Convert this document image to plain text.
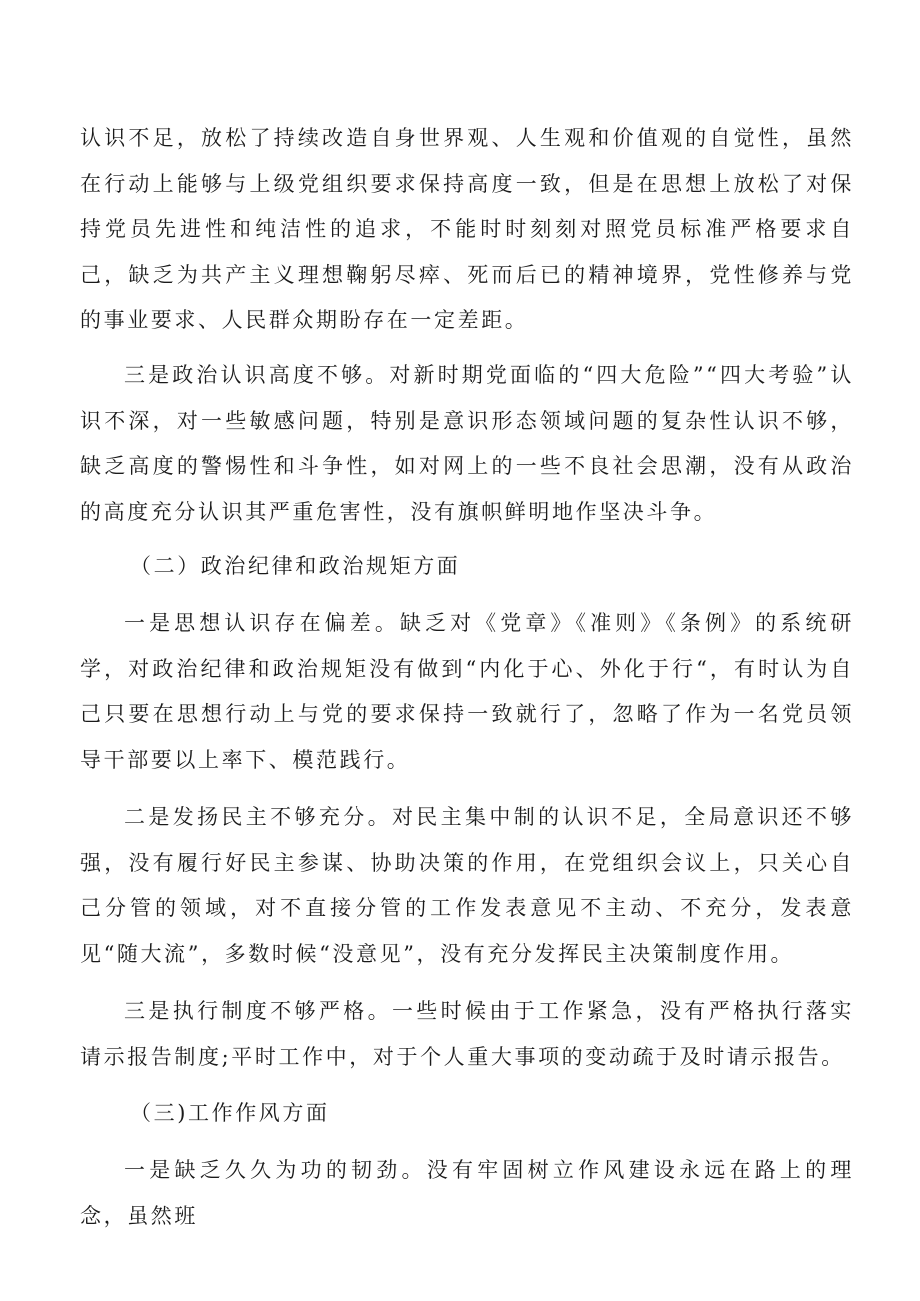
认识不足，放松了持续改造自身世界观、人生观和价值观的自觉性，虽然在行动上能够与上级党组织要求保持高度一致，但是在思想上放松了对保持党员先进性和纯洁性的追求，不能时时刻刻对照党员标准严格要求自己，缺乏为共产主义理想鞠躬尽瘁、死而后已的精神境界，党性修养与党的事业要求、人民群众期盼存在一定差距。

三是政治认识高度不够。对新时期党面临的“四大危险”“四大考验”认识不深，对一些敏感问题，特别是意识形态领域问题的复杂性认识不够，缺乏高度的警惕性和斗争性，如对网上的一些不良社会思潮，没有从政治的高度充分认识其严重危害性，没有旗帜鲜明地作坚决斗争。

（二）政治纪律和政治规矩方面

一是思想认识存在偏差。缺乏对《党章》《准则》《条例》的系统研学，对政治纪律和政治规矩没有做到“内化于心、外化于行“，有时认为自己只要在思想行动上与党的要求保持一致就行了，忽略了作为一名党员领导干部要以上率下、模范践行。

二是发扬民主不够充分。对民主集中制的认识不足，全局意识还不够强，没有履行好民主参谋、协助决策的作用，在党组织会议上，只关心自己分管的领域，对不直接分管的工作发表意见不主动、不充分，发表意见“随大流”，多数时候“没意见”，没有充分发挥民主决策制度作用。

三是执行制度不够严格。一些时候由于工作紧急，没有严格执行落实请示报告制度;平时工作中，对于个人重大事项的变动疏于及时请示报告。

（三)工作作风方面

一是缺乏久久为功的韧劲。没有牢固树立作风建设永远在路上的理念，虽然班
